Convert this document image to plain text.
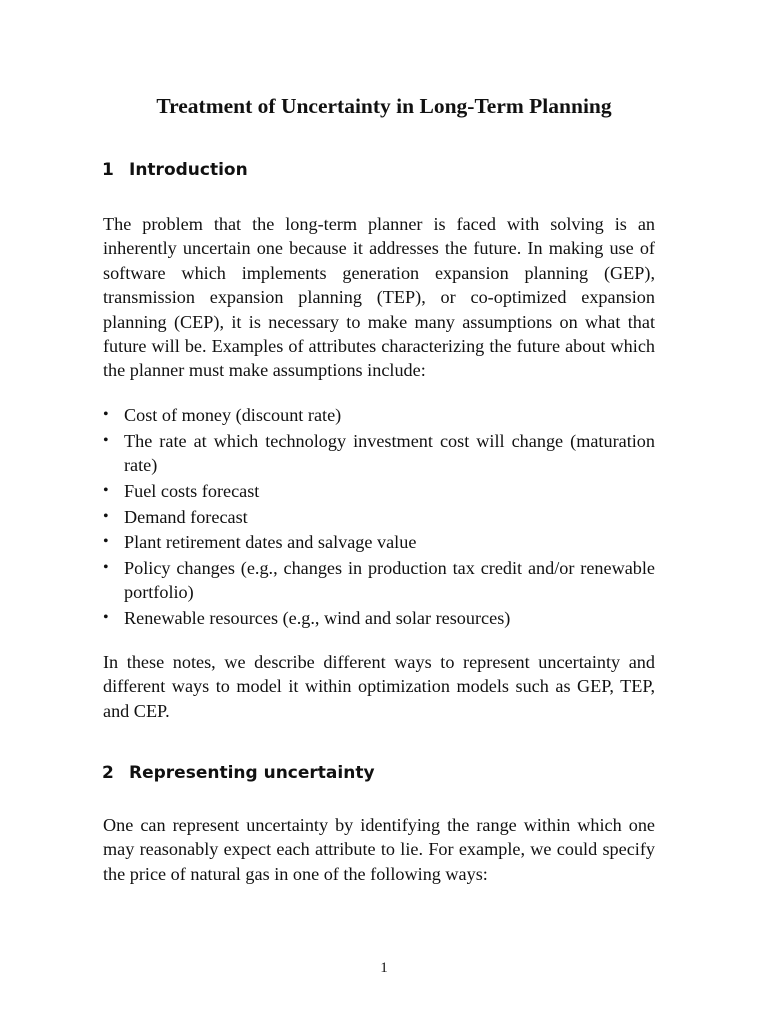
Treatment of Uncertainty in Long-Term Planning
1 Introduction

The problem that the long-term planner is faced with solving is an inherently uncertain one because it addresses the future. In making use of software which implements generation expansion planning (GEP), transmission expansion planning (TEP), or co-optimized expansion planning (CEP), it is necessary to make many assumptions on what that future will be. Examples of attributes characterizing the future about which the planner must make assumptions include:

• Cost of money (discount rate)
• The rate at which technology investment cost will change (maturation rate)
• Fuel costs forecast
• Demand forecast
• Plant retirement dates and salvage value
• Policy changes (e.g., changes in production tax credit and/or renewable portfolio)
• Renewable resources (e.g., wind and solar resources)

In these notes, we describe different ways to represent uncertainty and different ways to model it within optimization models such as GEP, TEP, and CEP.

2 Representing uncertainty

One can represent uncertainty by identifying the range within which one may reasonably expect each attribute to lie. For example, we could specify the price of natural gas in one of the following ways:

1
